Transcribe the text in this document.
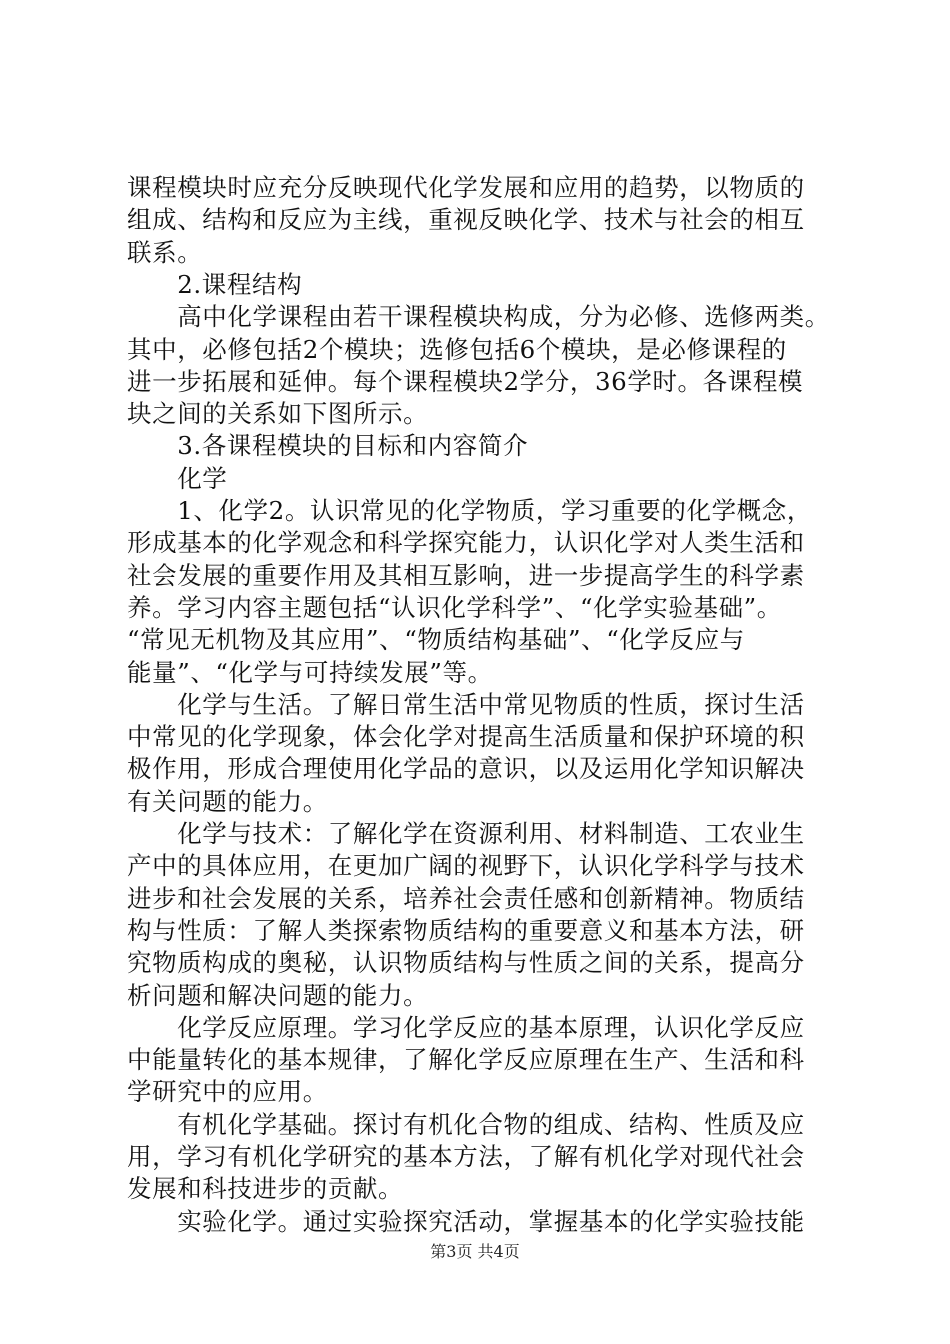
课程模块时应充分反映现代化学发展和应用的趋势，以物质的
组成、结构和反应为主线，重视反映化学、技术与社会的相互
联系。
　　2.课程结构
　　高中化学课程由若干课程模块构成，分为必修、选修两类。
其中，必修包括2个模块；选修包括6个模块，是必修课程的
进一步拓展和延伸。每个课程模块2学分，36学时。各课程模
块之间的关系如下图所示。
　　3.各课程模块的目标和内容简介
　　化学
　　1、化学2。认识常见的化学物质，学习重要的化学概念，
形成基本的化学观念和科学探究能力，认识化学对人类生活和
社会发展的重要作用及其相互影响，进一步提高学生的科学素
养。学习内容主题包括“认识化学科学”、“化学实验基础”。
“常见无机物及其应用”、“物质结构基础”、“化学反应与
能量”、“化学与可持续发展”等。
　　化学与生活。了解日常生活中常见物质的性质，探讨生活
中常见的化学现象，体会化学对提高生活质量和保护环境的积
极作用，形成合理使用化学品的意识，以及运用化学知识解决
有关问题的能力。
　　化学与技术：了解化学在资源利用、材料制造、工农业生
产中的具体应用，在更加广阔的视野下，认识化学科学与技术
进步和社会发展的关系，培养社会责任感和创新精神。物质结
构与性质：了解人类探索物质结构的重要意义和基本方法，研
究物质构成的奥秘，认识物质结构与性质之间的关系，提高分
析问题和解决问题的能力。
　　化学反应原理。学习化学反应的基本原理，认识化学反应
中能量转化的基本规律，了解化学反应原理在生产、生活和科
学研究中的应用。
　　有机化学基础。探讨有机化合物的组成、结构、性质及应
用，学习有机化学研究的基本方法，了解有机化学对现代社会
发展和科技进步的贡献。
　　实验化学。通过实验探究活动，掌握基本的化学实验技能
第3页 共4页
